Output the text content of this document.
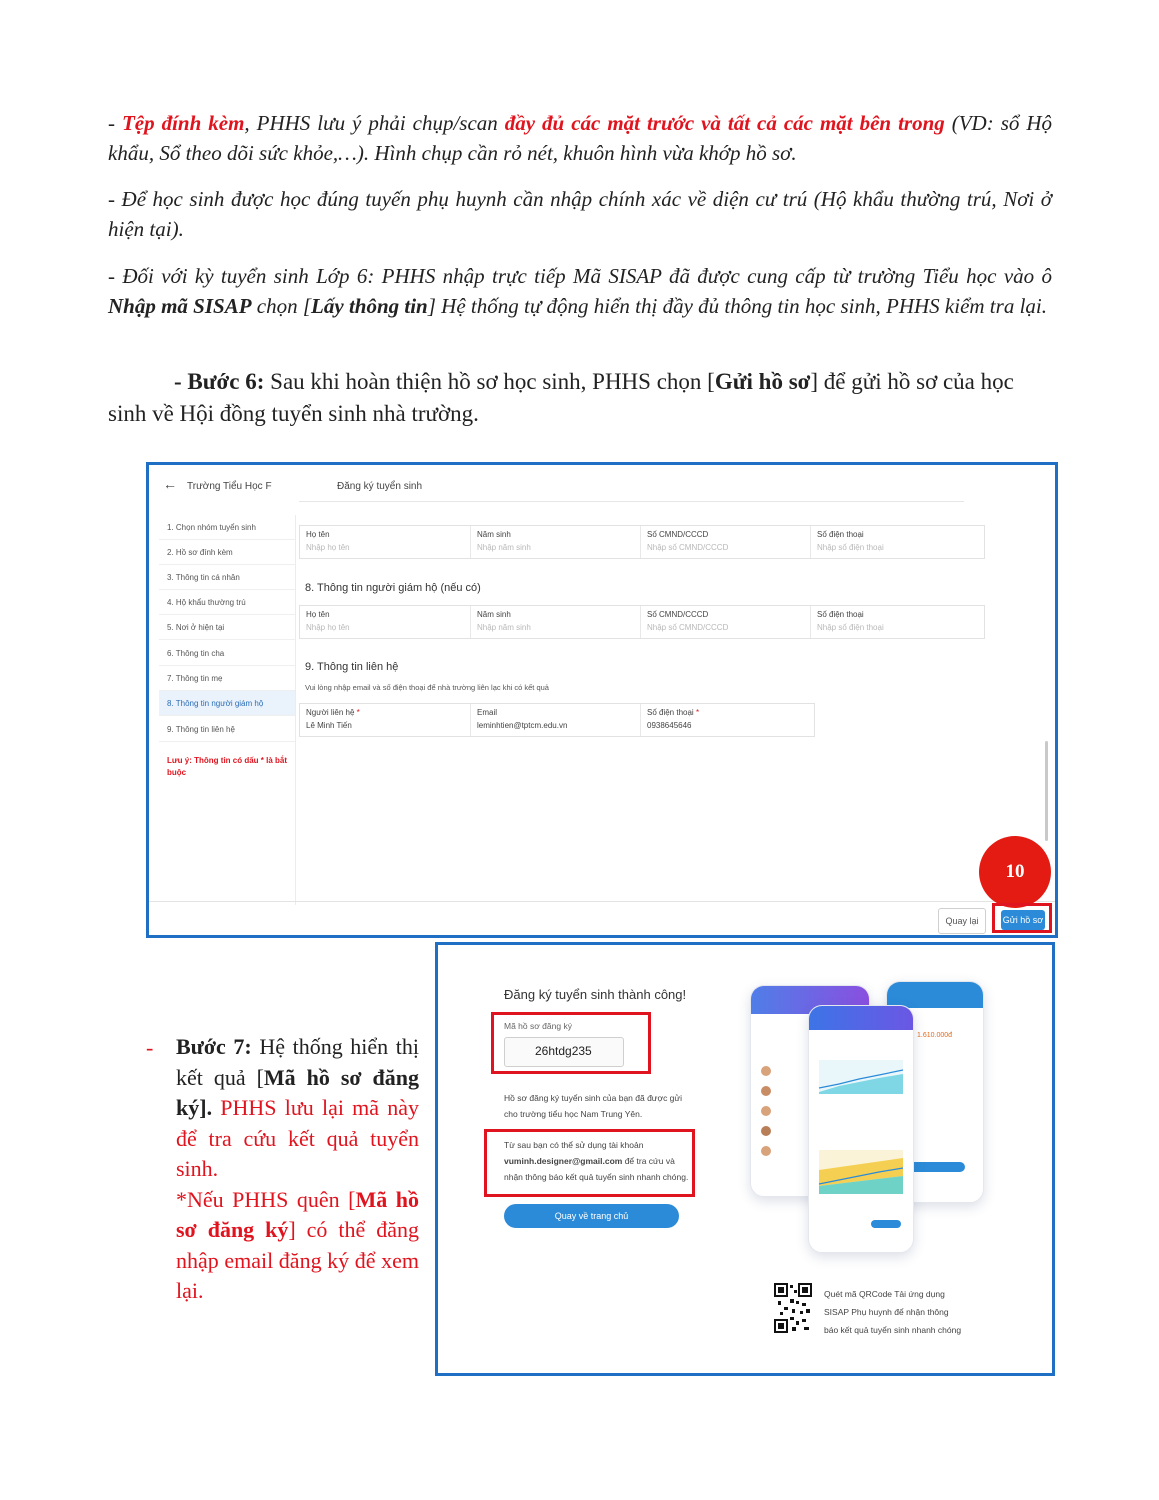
- Tệp đính kèm, PHHS lưu ý phải chụp/scan đầy đủ các mặt trước và tất cả các mặt bên trong (VD: sổ Hộ khẩu, Sổ theo dõi sức khỏe,…). Hình chụp cần rỏ nét, khuôn hình vừa khớp hồ sơ.
- Để học sinh được học đúng tuyến phụ huynh cần nhập chính xác về diện cư trú (Hộ khẩu thường trú, Nơi ở hiện tại).
- Đối với kỳ tuyển sinh Lớp 6: PHHS nhập trực tiếp Mã SISAP đã được cung cấp từ trường Tiểu học vào ô Nhập mã SISAP chọn [Lấy thông tin] Hệ thống tự động hiển thị đầy đủ thông tin học sinh, PHHS kiểm tra lại.
- Bước 6: Sau khi hoàn thiện hồ sơ học sinh, PHHS chọn [Gửi hồ sơ] để gửi hồ sơ của học sinh về Hội đồng tuyển sinh nhà trường.
← Trường Tiểu Học F	Đăng ký tuyển sinh
1. Chọn nhóm tuyển sinh
2. Hồ sơ đính kèm
3. Thông tin cá nhân
4. Hộ khẩu thường trú
5. Nơi ở hiện tại
6. Thông tin cha
7. Thông tin mẹ
8. Thông tin người giám hộ
9. Thông tin liên hệ
Lưu ý: Thông tin có dấu * là bắt buộc
Họ tên
Nhập họ tên
Năm sinh
Nhập năm sinh
Số CMND/CCCD
Nhập số CMND/CCCD
Số điện thoại
Nhập số điện thoại
8. Thông tin người giám hộ (nếu có)
Họ tên
Nhập họ tên
Năm sinh
Nhập năm sinh
Số CMND/CCCD
Nhập số CMND/CCCD
Số điện thoại
Nhập số điện thoại
9. Thông tin liên hệ
Vui lòng nhập email và số điện thoại để nhà trường liên lạc khi có kết quả
Người liên hệ *
Lê Minh Tiến
Email
leminhtien@tptcm.edu.vn
Số điện thoại *
0938645646
10
Quay lại	Gửi hồ sơ
- Bước 7: Hệ thống hiển thị kết quả [Mã hồ sơ đăng ký]. PHHS lưu lại mã này để tra cứu kết quả tuyển sinh.
*Nếu PHHS quên [Mã hồ sơ đăng ký] có thể đăng nhập email đăng ký để xem lại.
Đăng ký tuyển sinh thành công!
Mã hồ sơ đăng ký
26htdg235
Hồ sơ đăng ký tuyển sinh của bạn đã được gửi cho trường tiểu học Nam Trung Yên.
Từ sau bạn có thể sử dụng tài khoản vuminh.designer@gmail.com để tra cứu và nhận thông báo kết quả tuyển sinh nhanh chóng.
Quay về trang chủ
1.610.000đ
Quét mã QRCode Tải ứng dụng SISAP Phụ huynh để nhận thông báo kết quả tuyển sinh nhanh chóng
